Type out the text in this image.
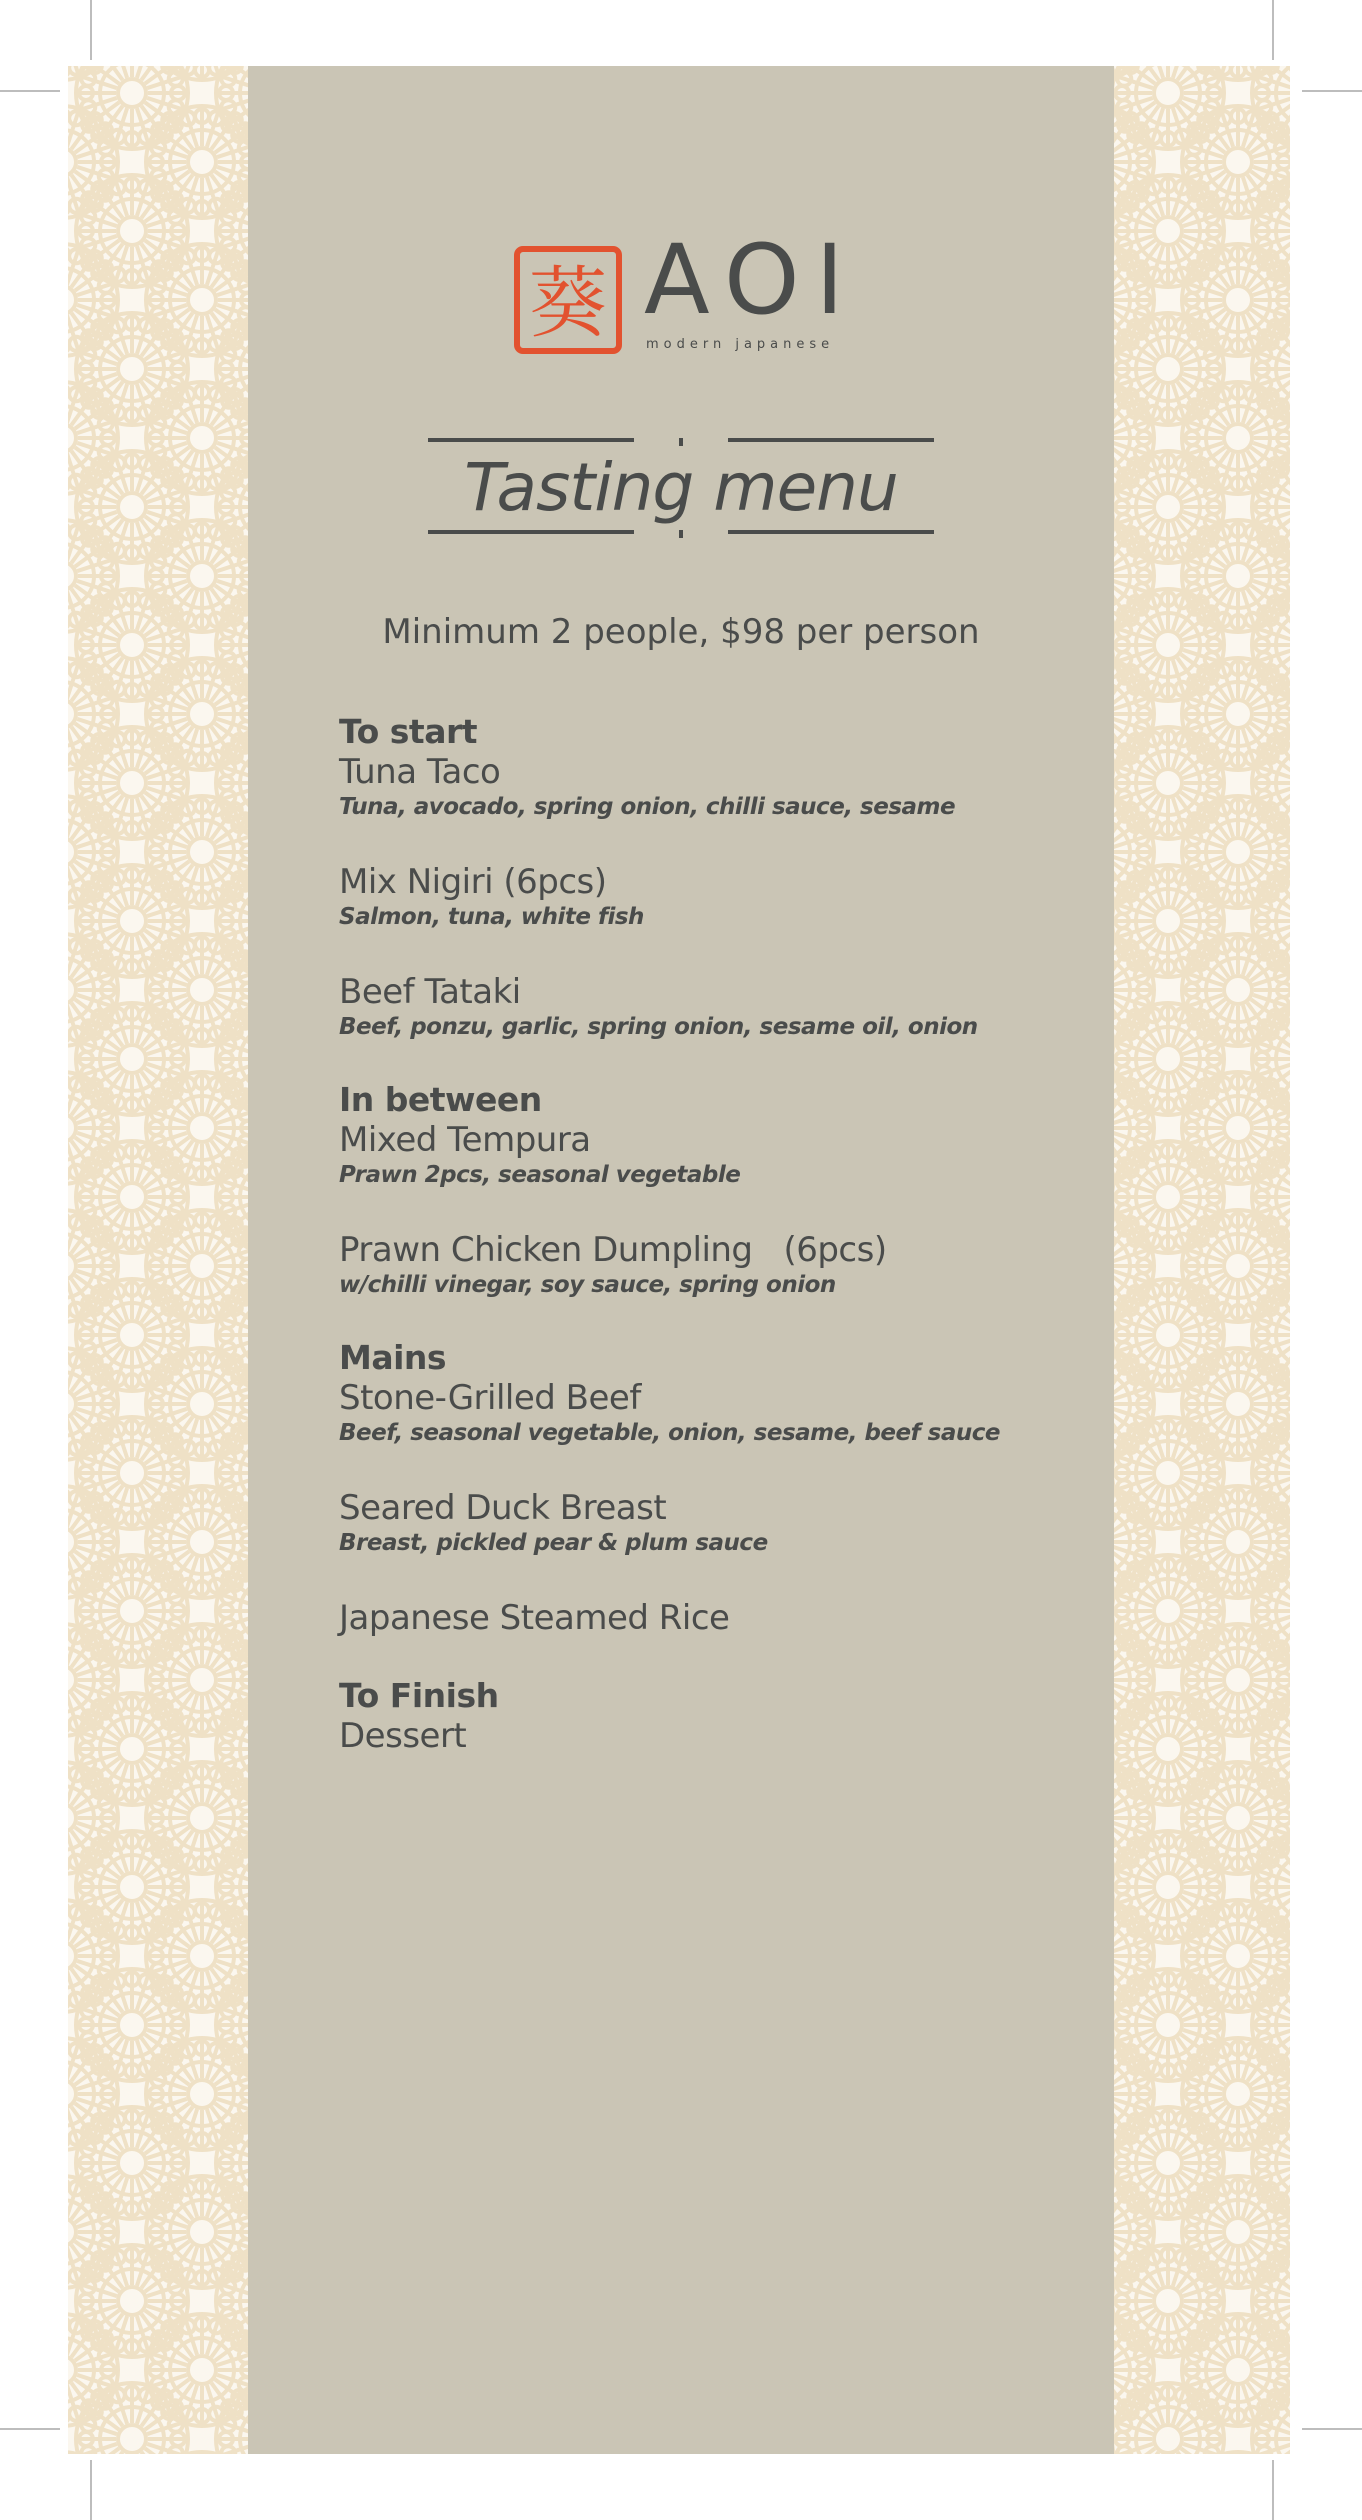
葵 AOI
modern japanese
Tasting menu
Minimum 2 people, $98 per person
To start
Tuna Taco
Tuna, avocado, spring onion, chilli sauce, sesame
Mix Nigiri (6pcs)
Salmon, tuna, white fish
Beef Tataki
Beef, ponzu, garlic, spring onion, sesame oil, onion
In between
Mixed Tempura
Prawn 2pcs, seasonal vegetable
Prawn Chicken Dumpling   (6pcs)
w/chilli vinegar, soy sauce, spring onion
Mains
Stone-Grilled Beef
Beef, seasonal vegetable, onion, sesame, beef sauce
Seared Duck Breast
Breast, pickled pear & plum sauce
Japanese Steamed Rice
To Finish
Dessert
